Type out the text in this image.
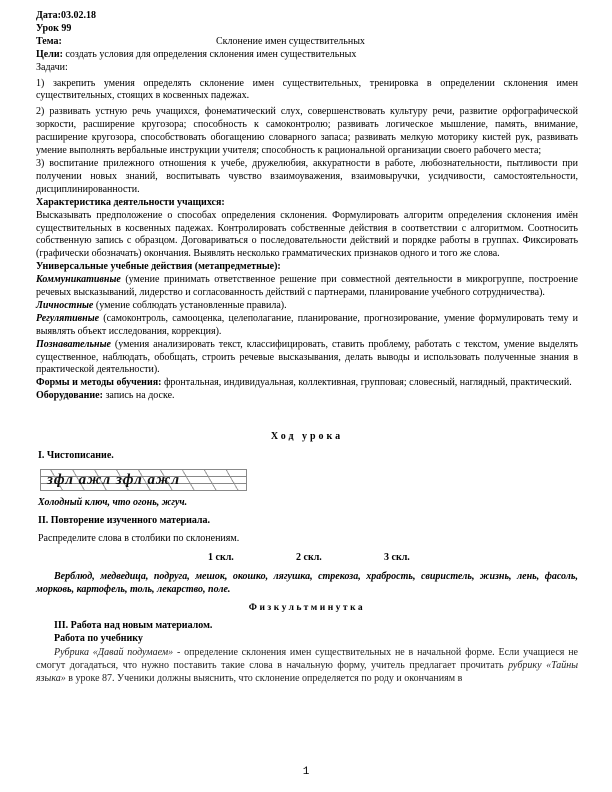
Дата:03.02.18

Урок 99

Тема:	Склонение имен существительных

Цели: создать условия для определения склонения имен существительных

Задачи:

1) закрепить умения определять склонение имен существительных, тренировка в определении склонения имен существительных, стоящих в косвенных падежах.

2) развивать устную речь учащихся, фонематический слух, совершенствовать культуру речи, развитие орфографической зоркости, расширение кругозора; способность к самоконтролю; развивать логическое мышление, память, внимание, расширение кругозора, способствовать обогащению словарного запаса; развивать мелкую моторику кистей рук, развивать умение выполнять вербальные инструкции учителя; способность к рациональной организации своего рабочего места;

3) воспитание прилежного отношения к учебе, дружелюбия, аккуратности в работе, любознательности, пытливости при получении новых знаний, воспитывать чувство взаимоуважения, взаимовыручки, усидчивости, самостоятельности, дисциплинированности.

Характеристика деятельности учащихся:

Высказывать предположение о способах определения склонения. Формулировать алгоритм определения склонения имён существительных в косвенных падежах. Контролировать собственные действия в соответствии с алгоритмом. Соотносить собственную запись с образцом. Договариваться о последовательности действий и порядке работы в группах. Фиксировать (графически обозначать) окончания. Выявлять несколько грамматических признаков одного и того же слова.

Универсальные учебные действия (метапредметные):

Коммуникативные (умение принимать ответственное решение при совместной деятельности в микрогруппе, построение речевых высказываний, лидерство и согласованность действий с партнерами, планирование учебного сотрудничества).

Личностные (умение соблюдать установленные правила).

Регулятивные (самоконтроль, самооценка, целеполагание, планирование, прогнозирование, умение формулировать тему и выявлять объект исследования, коррекция).

Познавательные (умения анализировать текст, классифицировать, ставить проблему, работать с текстом, умение выделять существенное, наблюдать, обобщать, строить речевые высказывания, делать выводы и использовать полученные знания в практической деятельности).

Формы и методы обучения: фронтальная, индивидуальная, коллективная, групповая; словесный, наглядный, практический.

Оборудование: запись на доске.

Ход урока

I. Чистописание.

зфл ажл зфл ажл

Холодный ключ, что огонь, жгуч.

II. Повторение изученного материала.

Распределите слова в столбики по склонениям.

1 скл.	2 скл.	3 скл.

Верблюд, медведица, подруга, мешок, окошко, лягушка, стрекоза, храбрость, свиристель, жизнь, лень, фасоль, морковь, картофель, толь, лекарство, поле.

Физкультминутка

III. Работа над новым материалом.

Работа по учебнику

Рубрика «Давай подумаем» - определение склонения имен существительных не в начальной форме. Если учащиеся не смогут догадаться, что нужно поставить такие слова в начальную форму, учитель предлагает прочитать рубрику «Тайны языка» в уроке 87. Ученики должны выяснить, что склонение определяется по роду и окончаниям в

1
